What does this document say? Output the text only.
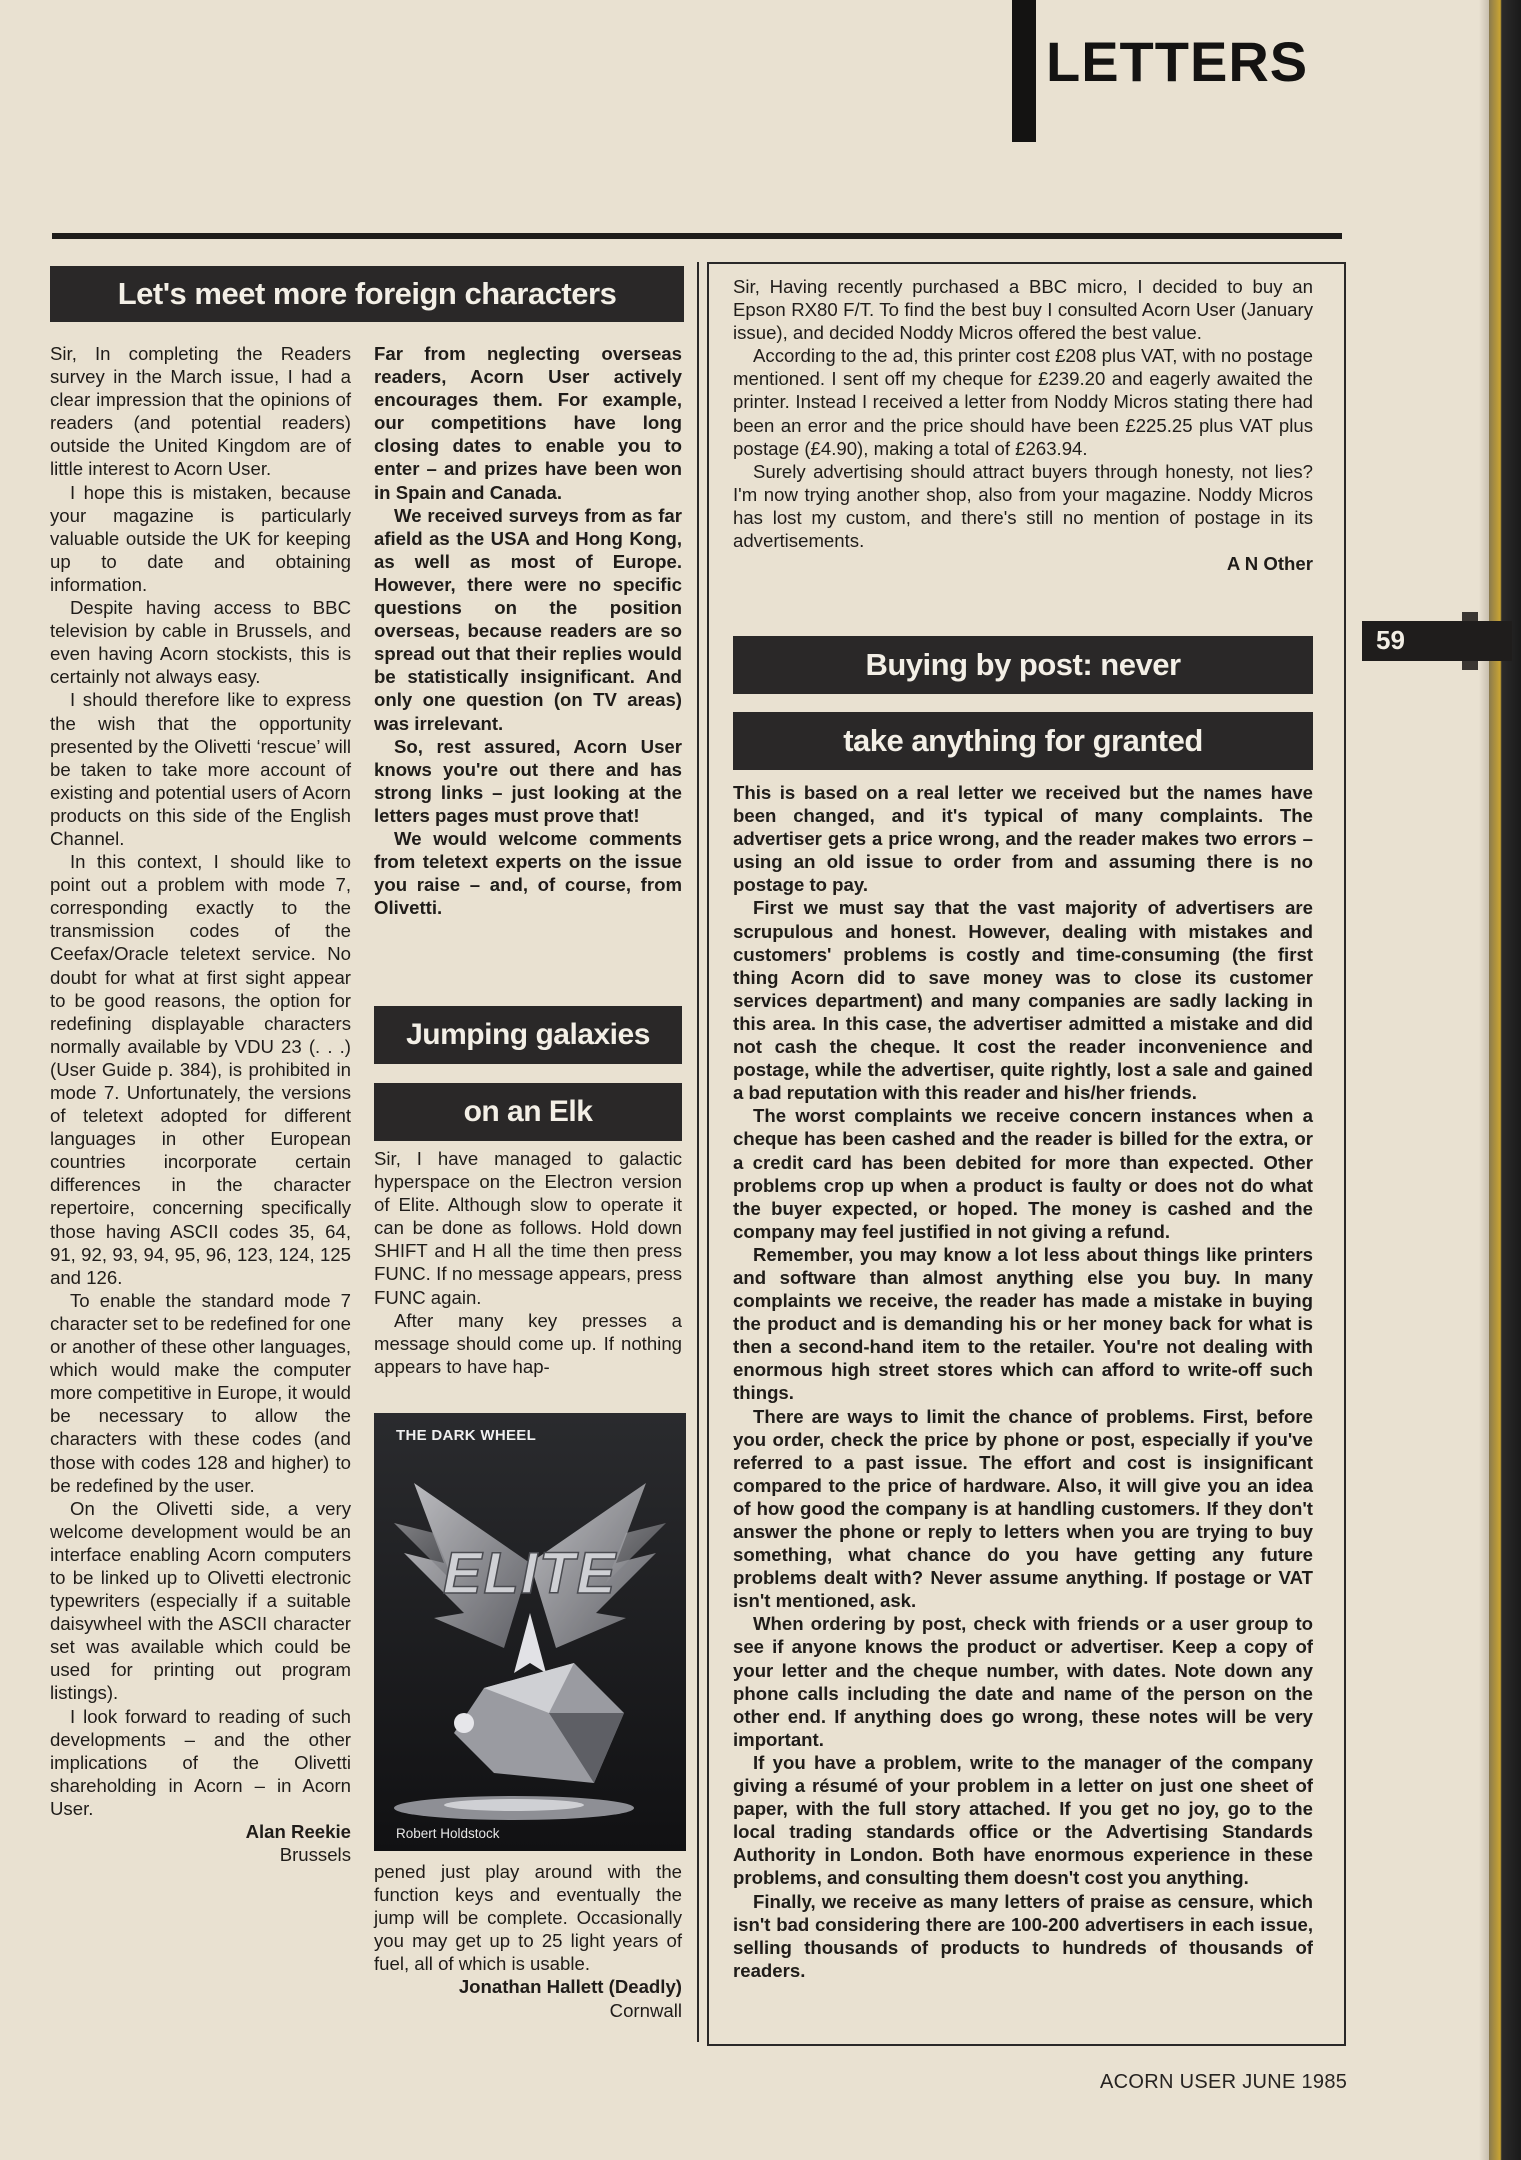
LETTERS
59
Let's meet more foreign characters

Sir, In completing the Readers survey in the March issue, I had a clear impression that the opinions of readers (and potential readers) outside the United Kingdom are of little interest to Acorn User.

I hope this is mistaken, because your magazine is particularly valuable outside the UK for keeping up to date and obtaining information.

Despite having access to BBC television by cable in Brussels, and even having Acorn stockists, this is certainly not always easy.

I should therefore like to express the wish that the opportunity presented by the Olivetti ‘rescue’ will be taken to take more account of existing and potential users of Acorn products on this side of the English Channel.

In this context, I should like to point out a problem with mode 7, corresponding exactly to the transmission codes of the Ceefax/Oracle teletext service. No doubt for what at first sight appear to be good reasons, the option for redefining displayable characters normally available by VDU 23 (. . .) (User Guide p. 384), is prohibited in mode 7. Unfortunately, the versions of teletext adopted for different languages in other European countries incorporate certain differences in the character repertoire, concerning specifically those having ASCII codes 35, 64, 91, 92, 93, 94, 95, 96, 123, 124, 125 and 126.

To enable the standard mode 7 character set to be redefined for one or another of these other languages, which would make the computer more competitive in Europe, it would be necessary to allow the characters with these codes (and those with codes 128 and higher) to be redefined by the user.

On the Olivetti side, a very welcome development would be an interface enabling Acorn computers to be linked up to Olivetti electronic typewriters (especially if a suitable daisywheel with the ASCII character set was available which could be used for printing out program listings).

I look forward to reading of such developments – and the other implications of the Olivetti shareholding in Acorn – in Acorn User.

Alan Reekie

Brussels

Far from neglecting overseas readers, Acorn User actively encourages them. For example, our competitions have long closing dates to enable you to enter – and prizes have been won in Spain and Canada.

We received surveys from as far afield as the USA and Hong Kong, as well as most of Europe. However, there were no specific questions on the position overseas, because readers are so spread out that their replies would be statistically insignificant. And only one question (on TV areas) was irrelevant.

So, rest assured, Acorn User knows you're out there and has strong links – just looking at the letters pages must prove that!

We would welcome comments from teletext experts on the issue you raise – and, of course, from Olivetti.

Jumping galaxies
on an Elk

Sir, I have managed to galactic hyperspace on the Electron version of Elite. Although slow to operate it can be done as follows. Hold down SHIFT and H all the time then press FUNC. If no message appears, press FUNC again.

After many key presses a message should come up. If nothing appears to have hap-

ELITE
THE DARK WHEEL
Robert Holdstock

pened just play around with the function keys and eventually the jump will be complete. Occasionally you may get up to 25 light years of fuel, all of which is usable.

Jonathan Hallett (Deadly)

Cornwall

Sir, Having recently purchased a BBC micro, I decided to buy an Epson RX80 F/T. To find the best buy I consulted Acorn User (January issue), and decided Noddy Micros offered the best value.

According to the ad, this printer cost £208 plus VAT, with no postage mentioned. I sent off my cheque for £239.20 and eagerly awaited the printer. Instead I received a letter from Noddy Micros stating there had been an error and the price should have been £225.25 plus VAT plus postage (£4.90), making a total of £263.94.

Surely advertising should attract buyers through honesty, not lies? I'm now trying another shop, also from your magazine. Noddy Micros has lost my custom, and there's still no mention of postage in its advertisements.

A N Other

Buying by post: never
take anything for granted

This is based on a real letter we received but the names have been changed, and it's typical of many complaints. The advertiser gets a price wrong, and the reader makes two errors – using an old issue to order from and assuming there is no postage to pay.

First we must say that the vast majority of advertisers are scrupulous and honest. However, dealing with mistakes and customers' problems is costly and time-consuming (the first thing Acorn did to save money was to close its customer services department) and many companies are sadly lacking in this area. In this case, the advertiser admitted a mistake and did not cash the cheque. It cost the reader inconvenience and postage, while the advertiser, quite rightly, lost a sale and gained a bad reputation with this reader and his/her friends.

The worst complaints we receive concern instances when a cheque has been cashed and the reader is billed for the extra, or a credit card has been debited for more than expected. Other problems crop up when a product is faulty or does not do what the buyer expected, or hoped. The money is cashed and the company may feel justified in not giving a refund.

Remember, you may know a lot less about things like printers and software than almost anything else you buy. In many complaints we receive, the reader has made a mistake in buying the product and is demanding his or her money back for what is then a second-hand item to the retailer. You're not dealing with enormous high street stores which can afford to write-off such things.

There are ways to limit the chance of problems. First, before you order, check the price by phone or post, especially if you've referred to a past issue. The effort and cost is insignificant compared to the price of hardware. Also, it will give you an idea of how good the company is at handling customers. If they don't answer the phone or reply to letters when you are trying to buy something, what chance do you have getting any future problems dealt with? Never assume anything. If postage or VAT isn't mentioned, ask.

When ordering by post, check with friends or a user group to see if anyone knows the product or advertiser. Keep a copy of your letter and the cheque number, with dates. Note down any phone calls including the date and name of the person on the other end. If anything does go wrong, these notes will be very important.

If you have a problem, write to the manager of the company giving a résumé of your problem in a letter on just one sheet of paper, with the full story attached. If you get no joy, go to the local trading standards office or the Advertising Standards Authority in London. Both have enormous experience in these problems, and consulting them doesn't cost you anything.

Finally, we receive as many letters of praise as censure, which isn't bad considering there are 100-200 advertisers in each issue, selling thousands of products to hundreds of thousands of readers.

ACORN USER JUNE 1985
